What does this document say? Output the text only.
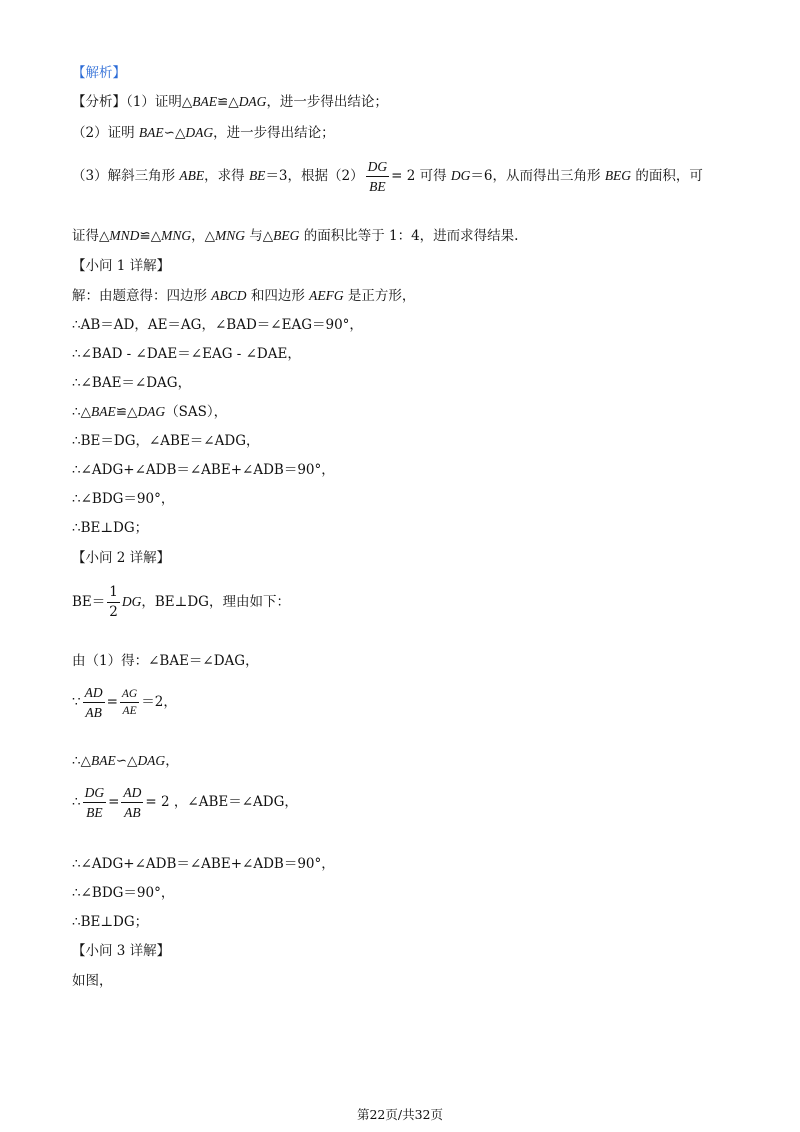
【解析】
【分析】（1）证明△BAE≌△DAG，进一步得出结论；
（2）证明 BAE∽△DAG，进一步得出结论；
（3）解斜三角形 ABE，求得 BE＝3，根据$(2) \frac{DG}{BE} = 2$ 可得 DG＝6，从而得出三角形 BEG 的面积，可
证得△MND≌△MNG，△MNG 与△BEG 的面积比等于 1：4，进而求得结果.
【小问 1 详解】
解：由题意得：四边形 ABCD 和四边形 AEFG 是正方形，
∴AB＝AD，AE＝AG，∠BAD＝∠EAG＝90°，
∴∠BAD - ∠DAE＝∠EAG - ∠DAE，
∴∠BAE＝∠DAG，
∴△BAE≌△DAG（SAS），
∴BE＝DG，∠ABE＝∠ADG，
∴∠ADG+∠ADB＝∠ABE+∠ADB＝90°，
∴∠BDG＝90°，
∴BE⊥DG；
【小问 2 详解】
$BE= \frac{1}{2}$ DG，BE⊥DG，理由如下：
由（1）得：∠BAE＝∠DAG，
∵ $\frac{AD}{AB} = \frac{AG}{AE} =2$，
∴△BAE∽△DAG，
∴ $\frac{DG}{BE} = \frac{AD}{AB} = 2$ ，∠ABE＝∠ADG，
∴∠ADG+∠ADB＝∠ABE+∠ADB＝90°，
∴∠BDG＝90°，
∴BE⊥DG；
【小问 3 详解】
如图，
第22页/共32页
